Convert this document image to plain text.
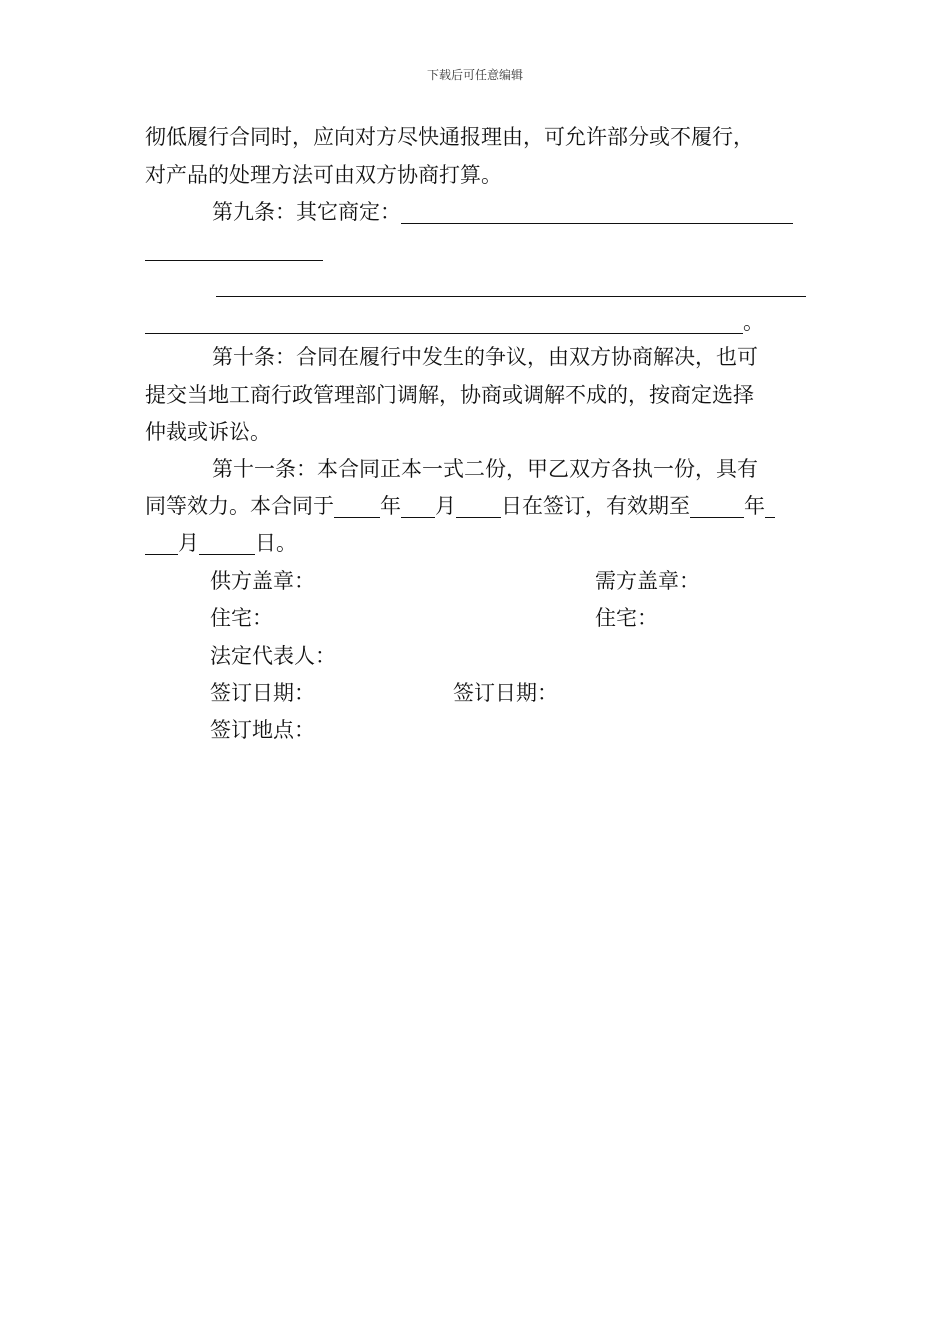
下载后可任意编辑
彻低履行合同时，应向对方尽快通报理由，可允许部分或不履行，
对产品的处理方法可由双方协商打算。
第九条：其它商定：
。
第十条：合同在履行中发生的争议，由双方协商解决，也可
提交当地工商行政管理部门调解，协商或调解不成的，按商定选择
仲裁或诉讼。
第十一条：本合同正本一式二份，甲乙双方各执一份，具有
同等效力。本合同于 年 月 日在签订，有效期至	年
月	日。
供方盖章：	需方盖章：
住宅：	住宅：
法定代表人：
签订日期：	签订日期：
签订地点：
